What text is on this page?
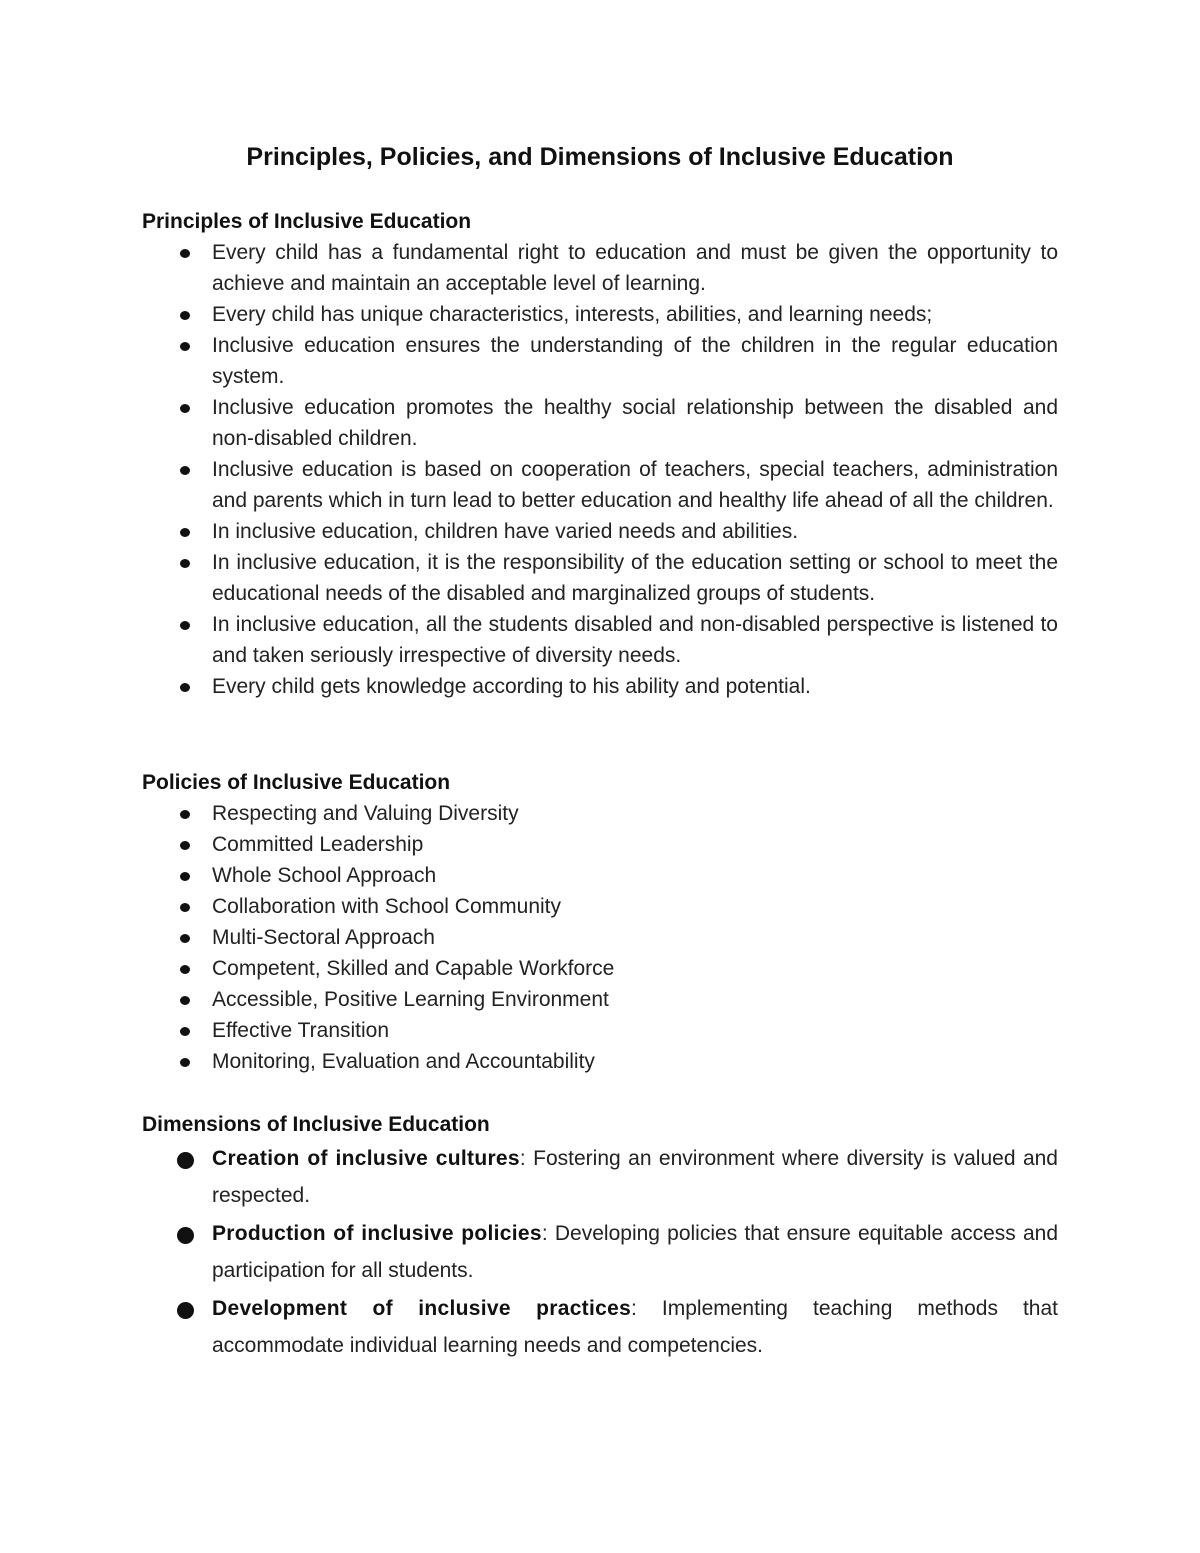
Principles, Policies, and Dimensions of Inclusive Education
Principles of Inclusive Education
Every child has a fundamental right to education and must be given the opportunity to achieve and maintain an acceptable level of learning.
Every child has unique characteristics, interests, abilities, and learning needs;
Inclusive education ensures the understanding of the children in the regular education system.
Inclusive education promotes the healthy social relationship between the disabled and non-disabled children.
Inclusive education is based on cooperation of teachers, special teachers, administration and parents which in turn lead to better education and healthy life ahead of all the children.
In inclusive education, children have varied needs and abilities.
In inclusive education, it is the responsibility of the education setting or school to meet the educational needs of the disabled and marginalized groups of students.
In inclusive education, all the students disabled and non-disabled perspective is listened to and taken seriously irrespective of diversity needs.
Every child gets knowledge according to his ability and potential.
Policies of Inclusive Education
Respecting and Valuing Diversity
Committed Leadership
Whole School Approach
Collaboration with School Community
Multi-Sectoral Approach
Competent, Skilled and Capable Workforce
Accessible, Positive Learning Environment
Effective Transition
Monitoring, Evaluation and Accountability
Dimensions of Inclusive Education
Creation of inclusive cultures: Fostering an environment where diversity is valued and respected.
Production of inclusive policies: Developing policies that ensure equitable access and participation for all students.
Development of inclusive practices: Implementing teaching methods that accommodate individual learning needs and competencies.
